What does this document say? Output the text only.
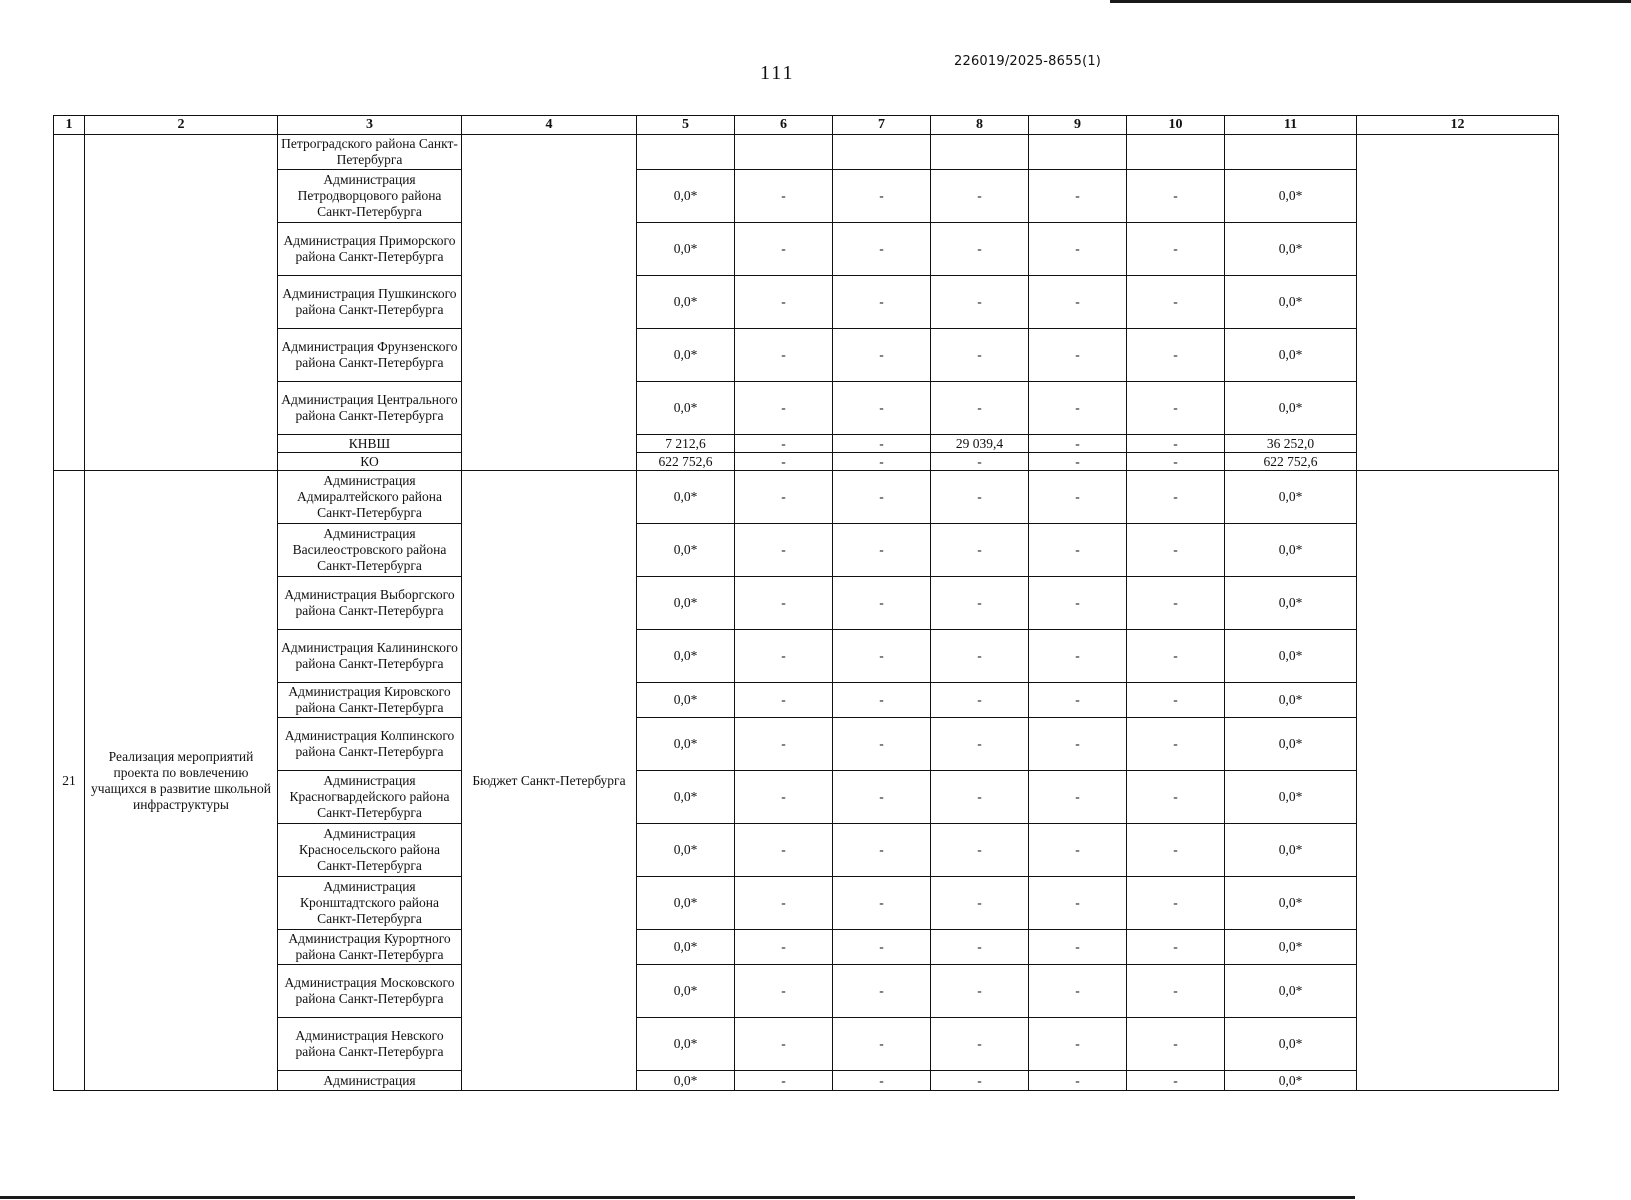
111
226019/2025-8655(1)
1	2	3	4	5	6	7	8	9	10	11	12
		Петроградского района Санкт-Петербурга									
		Администрация Петродворцового района Санкт-Петербурга		0,0*	-	-	-	-	-	0,0*	
		Администрация Приморского района Санкт-Петербурга		0,0*	-	-	-	-	-	0,0*	
		Администрация Пушкинского района Санкт-Петербурга		0,0*	-	-	-	-	-	0,0*	
		Администрация Фрунзенского района Санкт-Петербурга		0,0*	-	-	-	-	-	0,0*	
		Администрация Центрального района Санкт-Петербурга		0,0*	-	-	-	-	-	0,0*	
		КНВШ		7 212,6	-	-	29 039,4	-	-	36 252,0	
		КО		622 752,6	-	-	-	-	-	622 752,6	
21	Реализация мероприятий проекта по вовлечению учащихся в развитие школьной инфраструктуры	Администрация Адмиралтейского района Санкт-Петербурга	Бюджет Санкт-Петербурга	0,0*	-	-	-	-	-	0,0*	
		Администрация Василеостровского района Санкт-Петербурга		0,0*	-	-	-	-	-	0,0*	
		Администрация Выборгского района Санкт-Петербурга		0,0*	-	-	-	-	-	0,0*	
		Администрация Калининского района Санкт-Петербурга		0,0*	-	-	-	-	-	0,0*	
		Администрация Кировского района Санкт-Петербурга		0,0*	-	-	-	-	-	0,0*	
		Администрация Колпинского района Санкт-Петербурга		0,0*	-	-	-	-	-	0,0*	
		Администрация Красногвардейского района Санкт-Петербурга		0,0*	-	-	-	-	-	0,0*	
		Администрация Красносельского района Санкт-Петербурга		0,0*	-	-	-	-	-	0,0*	
		Администрация Кронштадтского района Санкт-Петербурга		0,0*	-	-	-	-	-	0,0*	
		Администрация Курортного района Санкт-Петербурга		0,0*	-	-	-	-	-	0,0*	
		Администрация Московского района Санкт-Петербурга		0,0*	-	-	-	-	-	0,0*	
		Администрация Невского района Санкт-Петербурга		0,0*	-	-	-	-	-	0,0*	
		Администрация		0,0*	-	-	-	-	-	0,0*	
